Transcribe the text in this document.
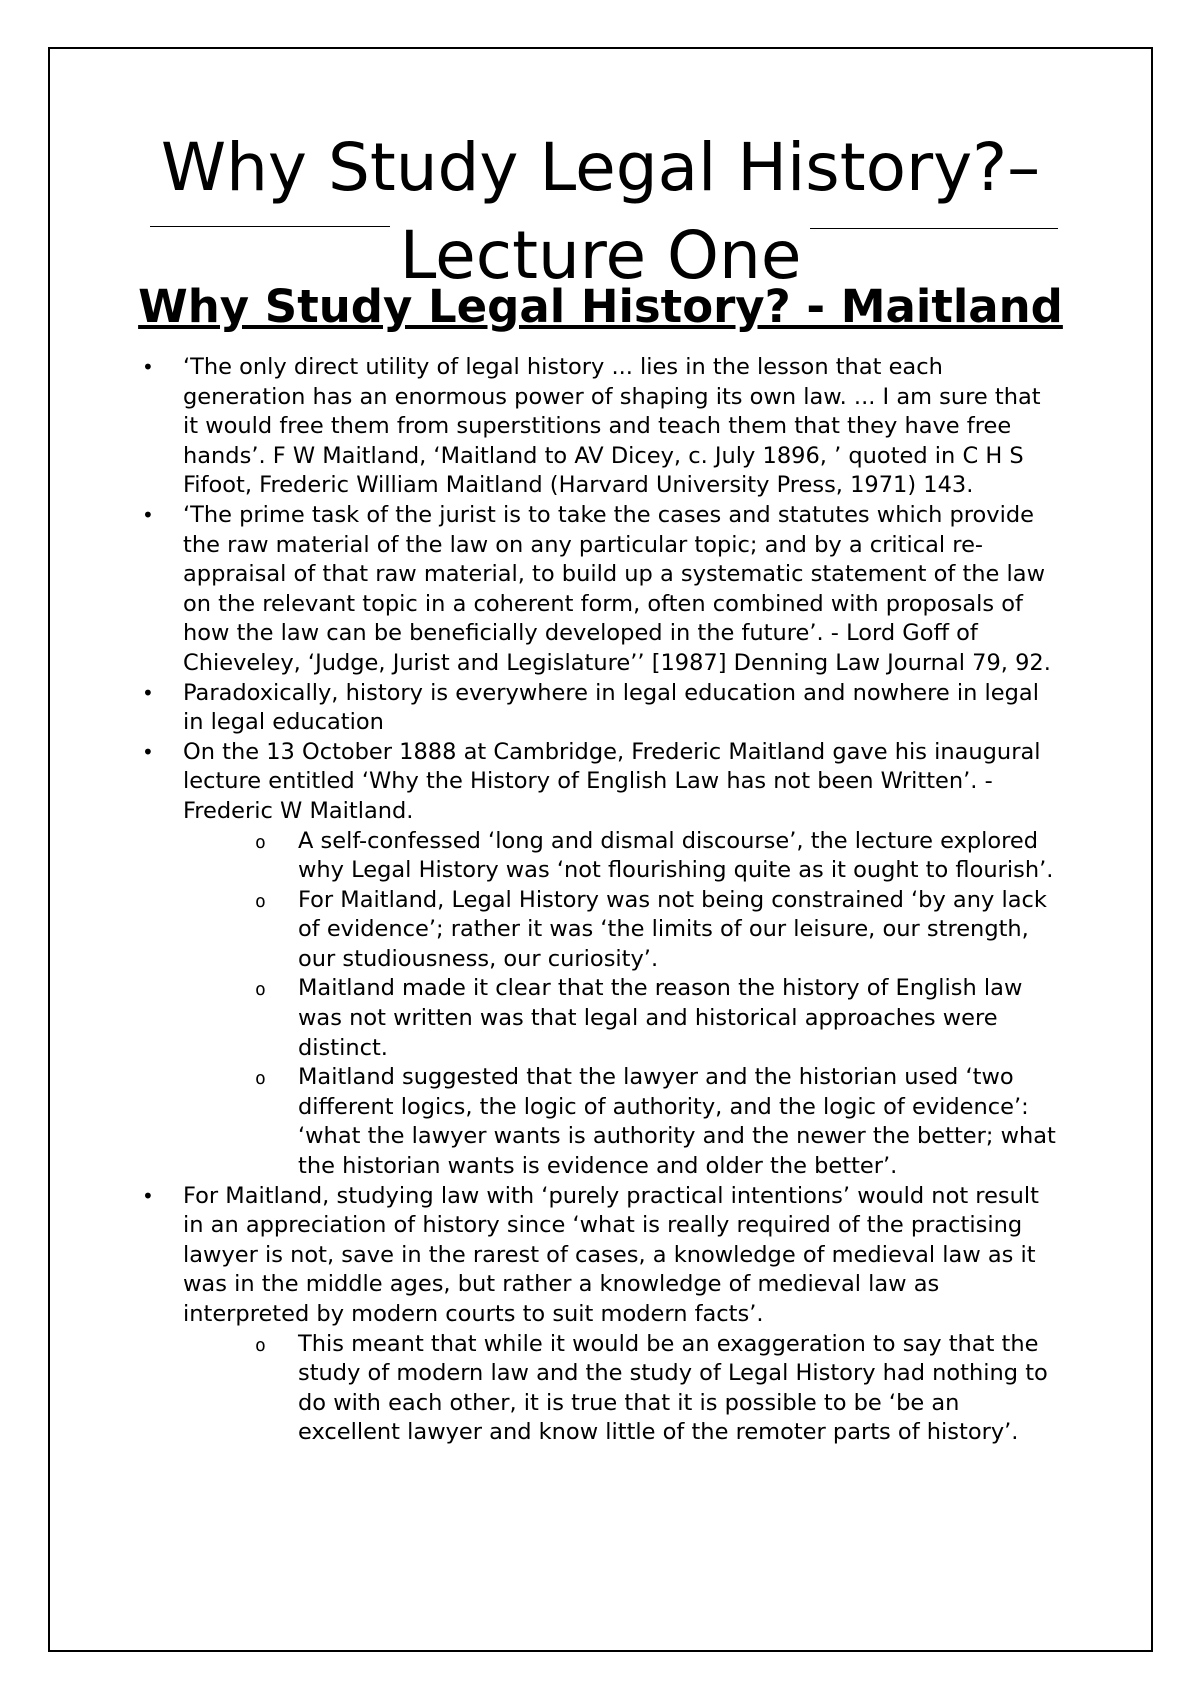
Why Study Legal History?–
Lecture One
Why Study Legal History? - Maitland
• ‘The only direct utility of legal history ... lies in the lesson that each generation has an enormous power of shaping its own law. ... I am sure that it would free them from superstitions and teach them that they have free hands’. F W Maitland, ‘Maitland to AV Dicey, c. July 1896, ’ quoted in C H S Fifoot, Frederic William Maitland (Harvard University Press, 1971) 143.
• ‘The prime task of the jurist is to take the cases and statutes which provide the raw material of the law on any particular topic; and by a critical re-appraisal of that raw material, to build up a systematic statement of the law on the relevant topic in a coherent form, often combined with proposals of how the law can be beneficially developed in the future’. - Lord Goff of Chieveley, ‘Judge, Jurist and Legislature’’ [1987] Denning Law Journal 79, 92.
• Paradoxically, history is everywhere in legal education and nowhere in legal in legal education
• On the 13 October 1888 at Cambridge, Frederic Maitland gave his inaugural lecture entitled ‘Why the History of English Law has not been Written’. - Frederic W Maitland.
o A self-confessed ‘long and dismal discourse’, the lecture explored why Legal History was ‘not flourishing quite as it ought to flourish’.
o For Maitland, Legal History was not being constrained ‘by any lack of evidence’; rather it was ‘the limits of our leisure, our strength, our studiousness, our curiosity’.
o Maitland made it clear that the reason the history of English law was not written was that legal and historical approaches were distinct.
o Maitland suggested that the lawyer and the historian used ‘two different logics, the logic of authority, and the logic of evidence’: ‘what the lawyer wants is authority and the newer the better; what the historian wants is evidence and older the better’.
• For Maitland, studying law with ‘purely practical intentions’ would not result in an appreciation of history since ‘what is really required of the practising lawyer is not, save in the rarest of cases, a knowledge of medieval law as it was in the middle ages, but rather a knowledge of medieval law as interpreted by modern courts to suit modern facts’.
o This meant that while it would be an exaggeration to say that the study of modern law and the study of Legal History had nothing to do with each other, it is true that it is possible to be ‘be an excellent lawyer and know little of the remoter parts of history’.
